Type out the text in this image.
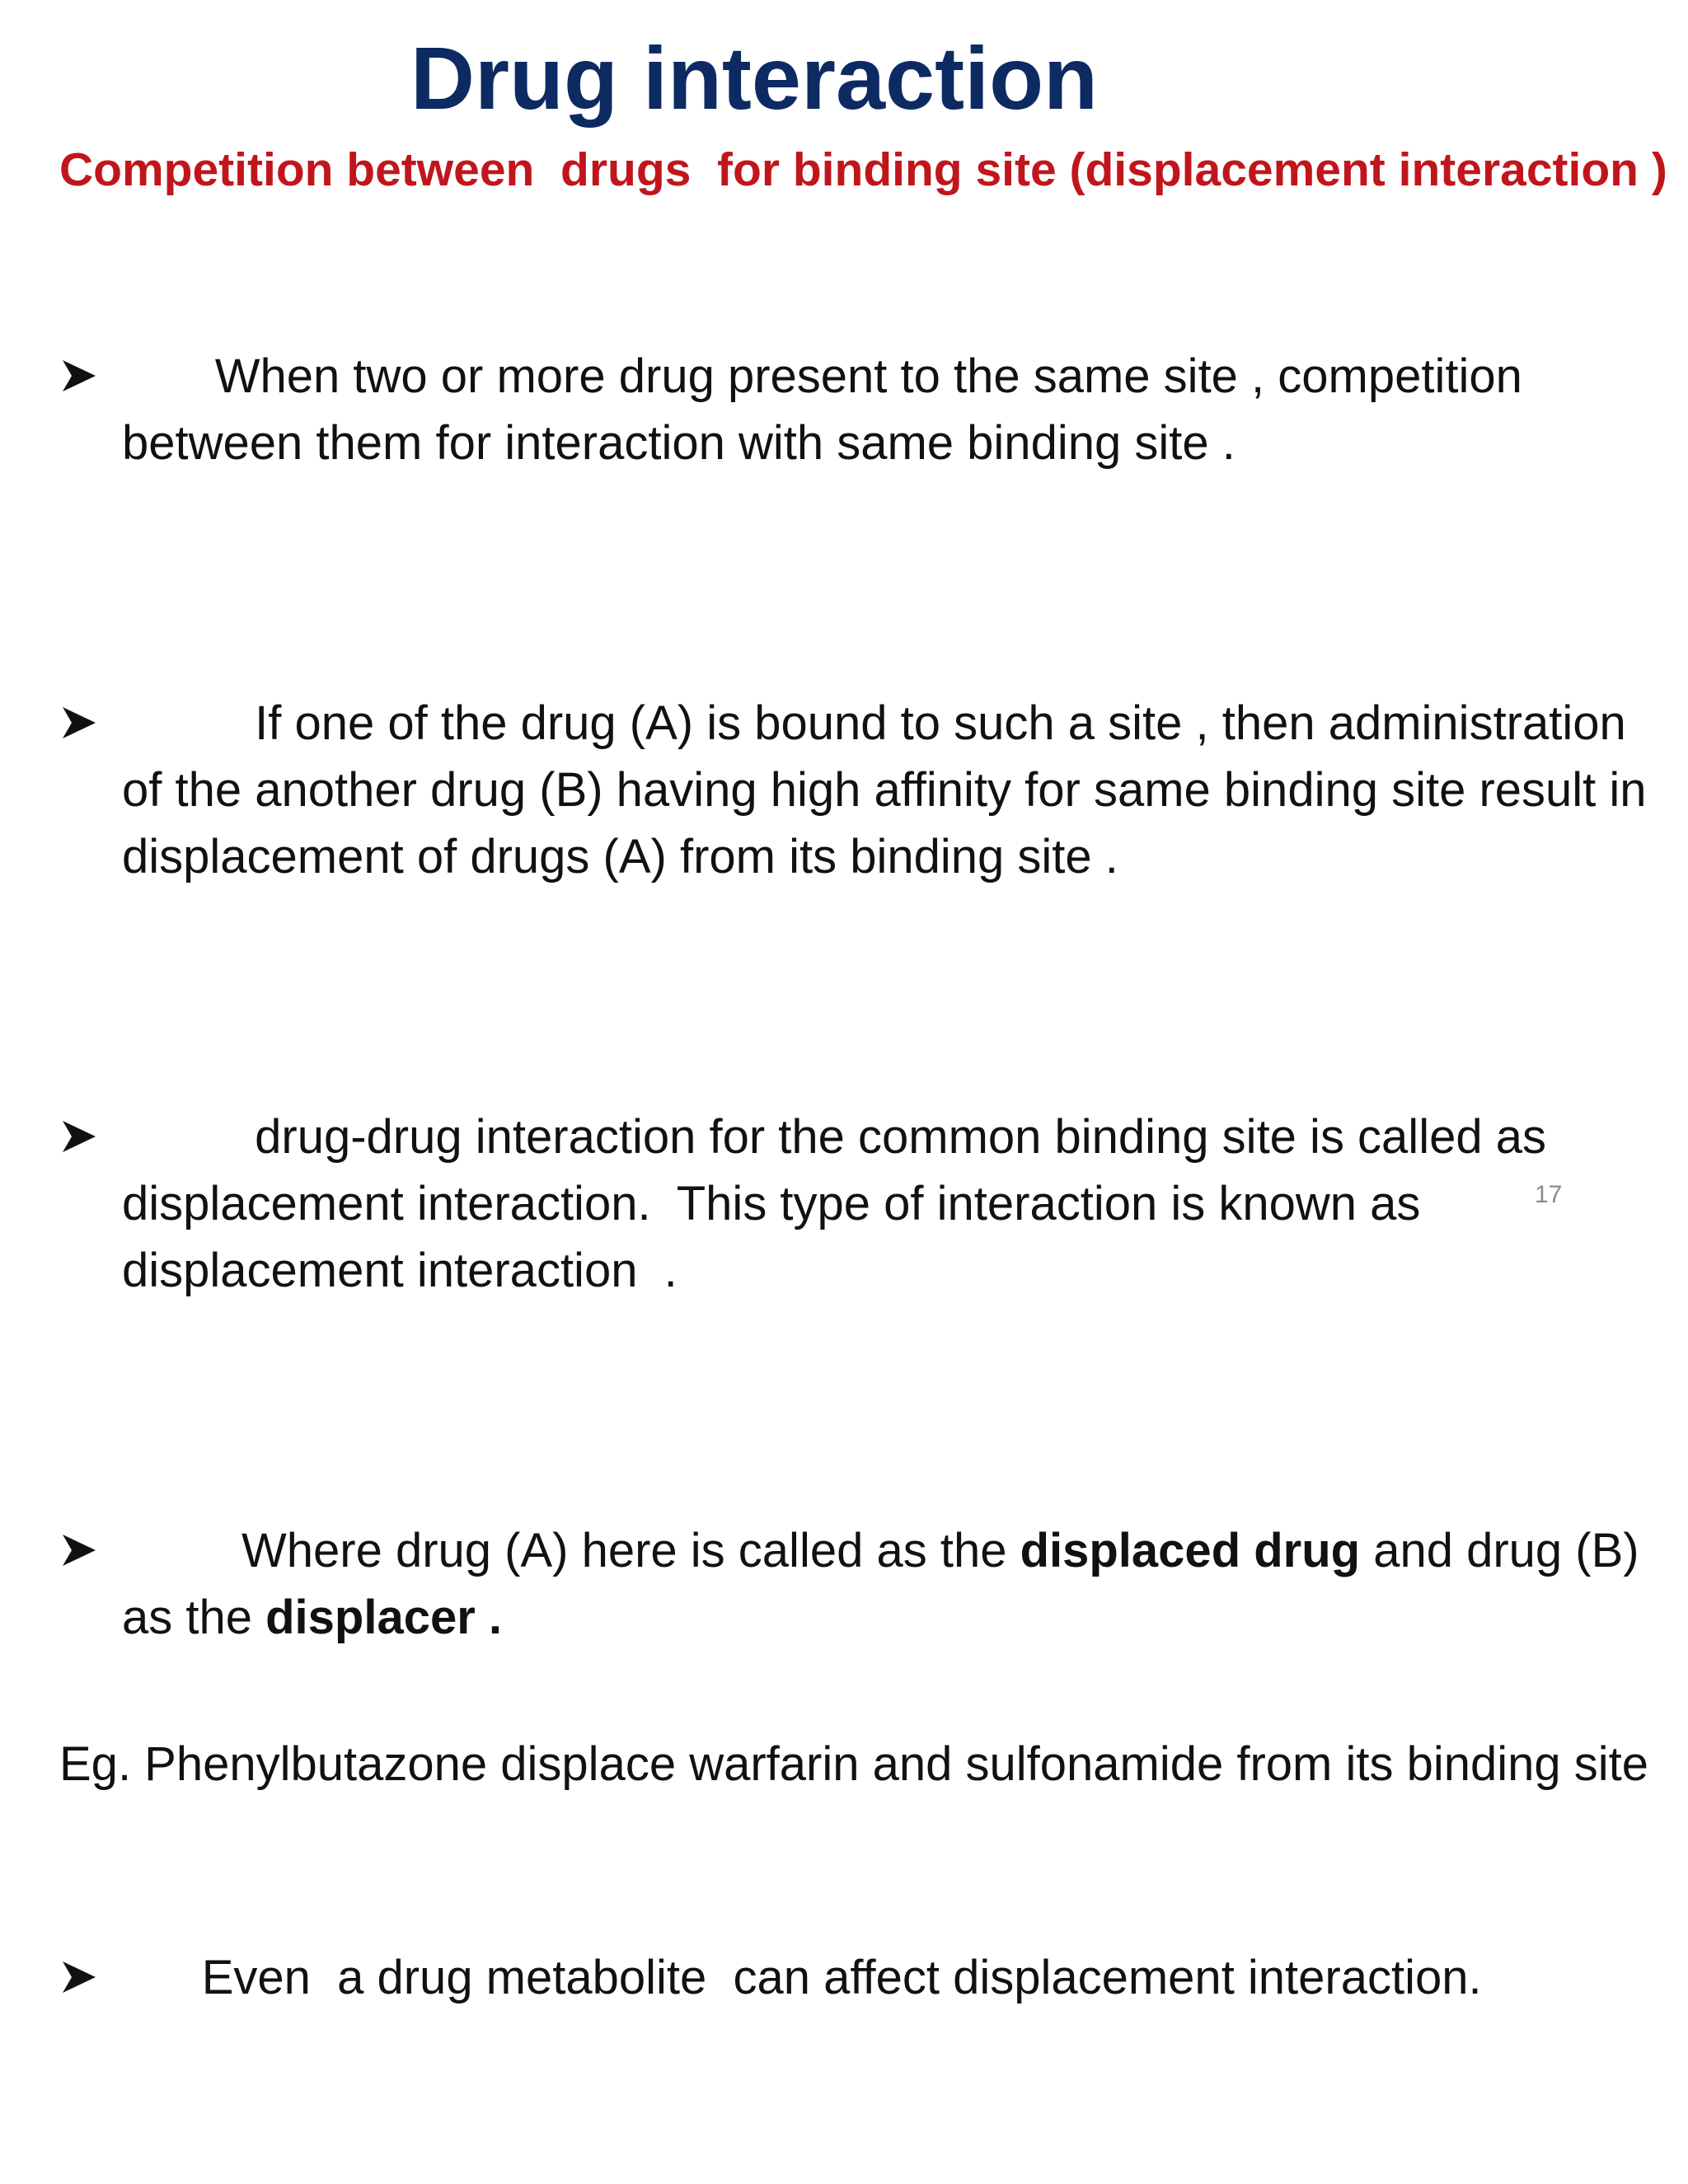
Drug interaction

Competition between  drugs  for binding site (displacement interaction )

When two or more drug present to the same site , competition between them for interaction with same binding site .

If one of the drug (A) is bound to such a site , then administration of the another drug (B) having high affinity for same binding site result in displacement of drugs (A) from its binding site .

drug-drug interaction for the common binding site is called as displacement interaction.  This type of interaction is known as displacement interaction  .

Where drug (A) here is called as the displaced drug and drug (B) as the displacer .

Eg. Phenylbutazone displace warfarin and sulfonamide from its binding site

Even  a drug metabolite  can affect displacement interaction.

17
